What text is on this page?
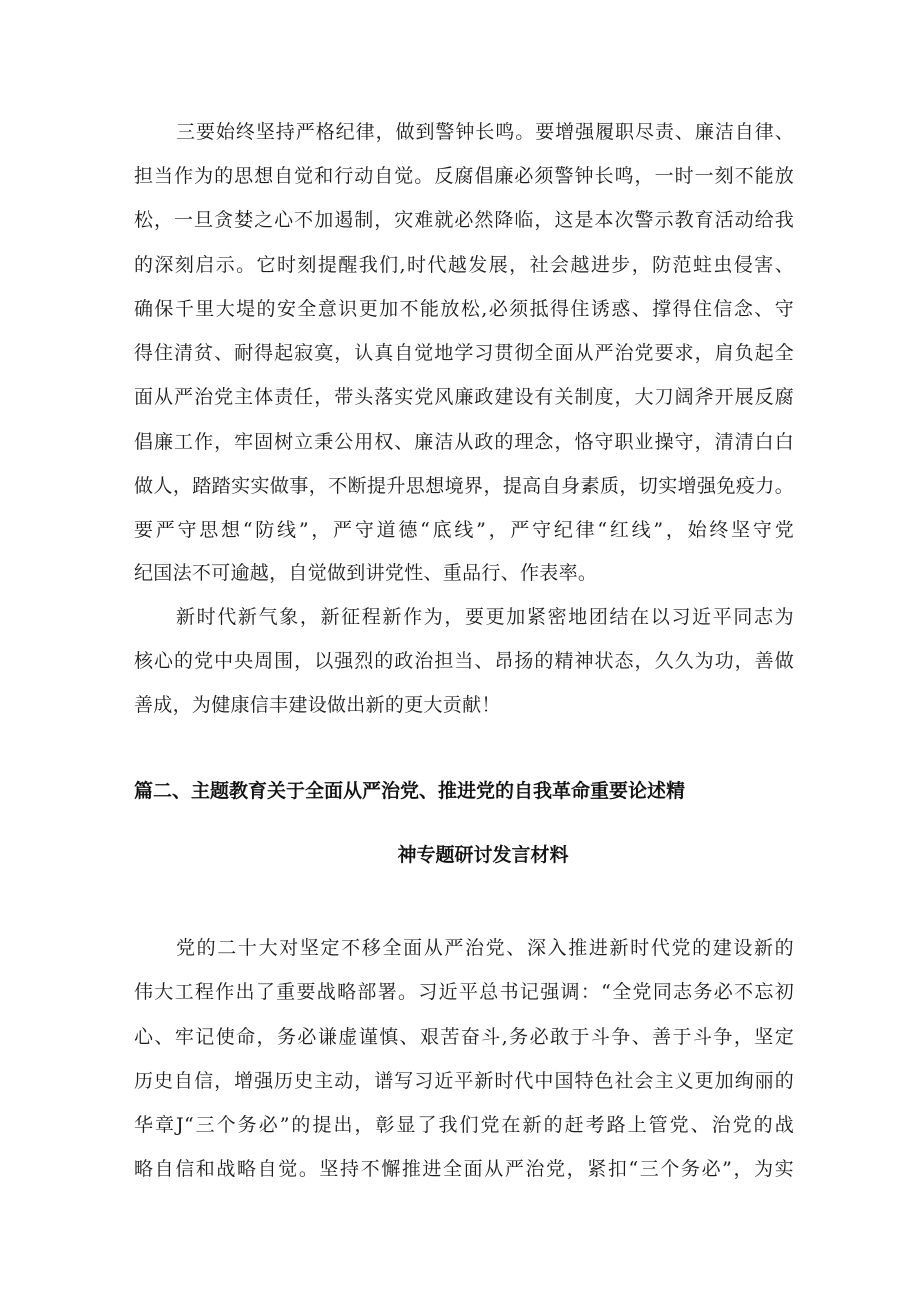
三要始终坚持严格纪律，做到警钟长鸣。要增强履职尽责、廉洁自律、
担当作为的思想自觉和行动自觉。反腐倡廉必须警钟长鸣，一时一刻不能放
松，一旦贪婪之心不加遏制，灾难就必然降临，这是本次警示教育活动给我
的深刻启示。它时刻提醒我们,时代越发展，社会越进步，防范蛀虫侵害、
确保千里大堤的安全意识更加不能放松,必须抵得住诱惑、撑得住信念、守
得住清贫、耐得起寂寞，认真自觉地学习贯彻全面从严治党要求，肩负起全
面从严治党主体责任，带头落实党风廉政建设有关制度，大刀阔斧开展反腐
倡廉工作，牢固树立秉公用权、廉洁从政的理念，恪守职业操守，清清白白
做人，踏踏实实做事，不断提升思想境界，提高自身素质，切实增强免疫力。
要严守思想“防线”，严守道德“底线”，严守纪律“红线”，始终坚守党
纪国法不可逾越，自觉做到讲党性、重品行、作表率。
新时代新气象，新征程新作为，要更加紧密地团结在以习近平同志为
核心的党中央周围，以强烈的政治担当、昂扬的精神状态，久久为功，善做
善成，为健康信丰建设做出新的更大贡献！
篇二、主题教育关于全面从严治党、推进党的自我革命重要论述精
神专题研讨发言材料
党的二十大对坚定不移全面从严治党、深入推进新时代党的建设新的
伟大工程作出了重要战略部署。习近平总书记强调：“全党同志务必不忘初
心、牢记使命，务必谦虚谨慎、艰苦奋斗,务必敢于斗争、善于斗争，坚定
历史自信，增强历史主动，谱写习近平新时代中国特色社会主义更加绚丽的
华章J“三个务必”的提出，彰显了我们党在新的赶考路上管党、治党的战
略自信和战略自觉。坚持不懈推进全面从严治党，紧扣“三个务必”，为实
